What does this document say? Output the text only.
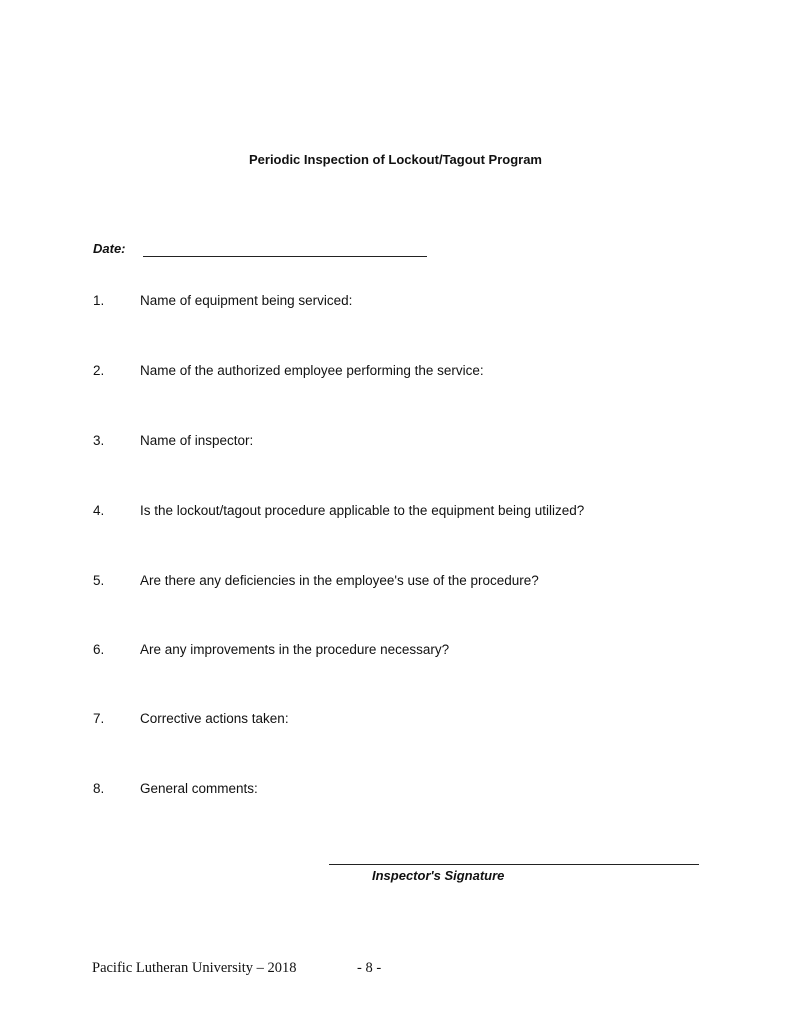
Periodic Inspection of Lockout/Tagout Program
Date:
1.	Name of equipment being serviced:
2.	Name of the authorized employee performing the service:
3.	Name of inspector:
4.	Is the lockout/tagout procedure applicable to the equipment being utilized?
5.	Are there any deficiencies in the employee's use of the procedure?
6.	Are any improvements in the procedure necessary?
7.	Corrective actions taken:
8.	General comments:
Inspector's Signature
Pacific Lutheran University – 2018	- 8 -
